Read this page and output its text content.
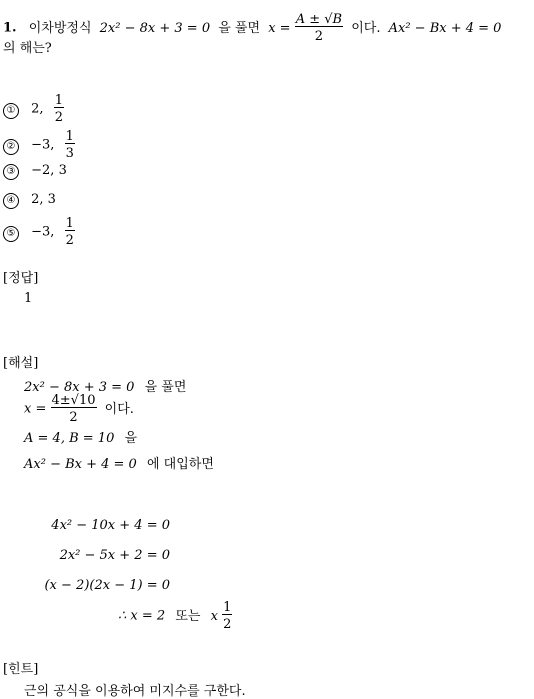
1. 이차방정식 2x² − 8x + 3 = 0 을 풀면 $x = \frac{A \pm √B}{2}$ 이다. Ax² − Bx + 4 = 0
의 해는?
① 2, $\frac{1}{2}$
② −3, $\frac{1}{3}$
③ −2, 3
④ 2, 3
⑤ −3, $\frac{1}{2}$
[정답]
1
[해설]
2x² − 8x + 3 = 0 을 풀면
$x = \frac{4\pm√10}{2}$ 이다.
A = 4, B = 10 을
Ax² − Bx + 4 = 0 에 대입하면
4x² − 10x + 4 = 0
2x² − 5x + 2 = 0
(x − 2)(2x − 1) = 0
∴ x = 2 또는 x $\frac{1}{2}$
[힌트]
근의 공식을 이용하여 미지수를 구한다.
